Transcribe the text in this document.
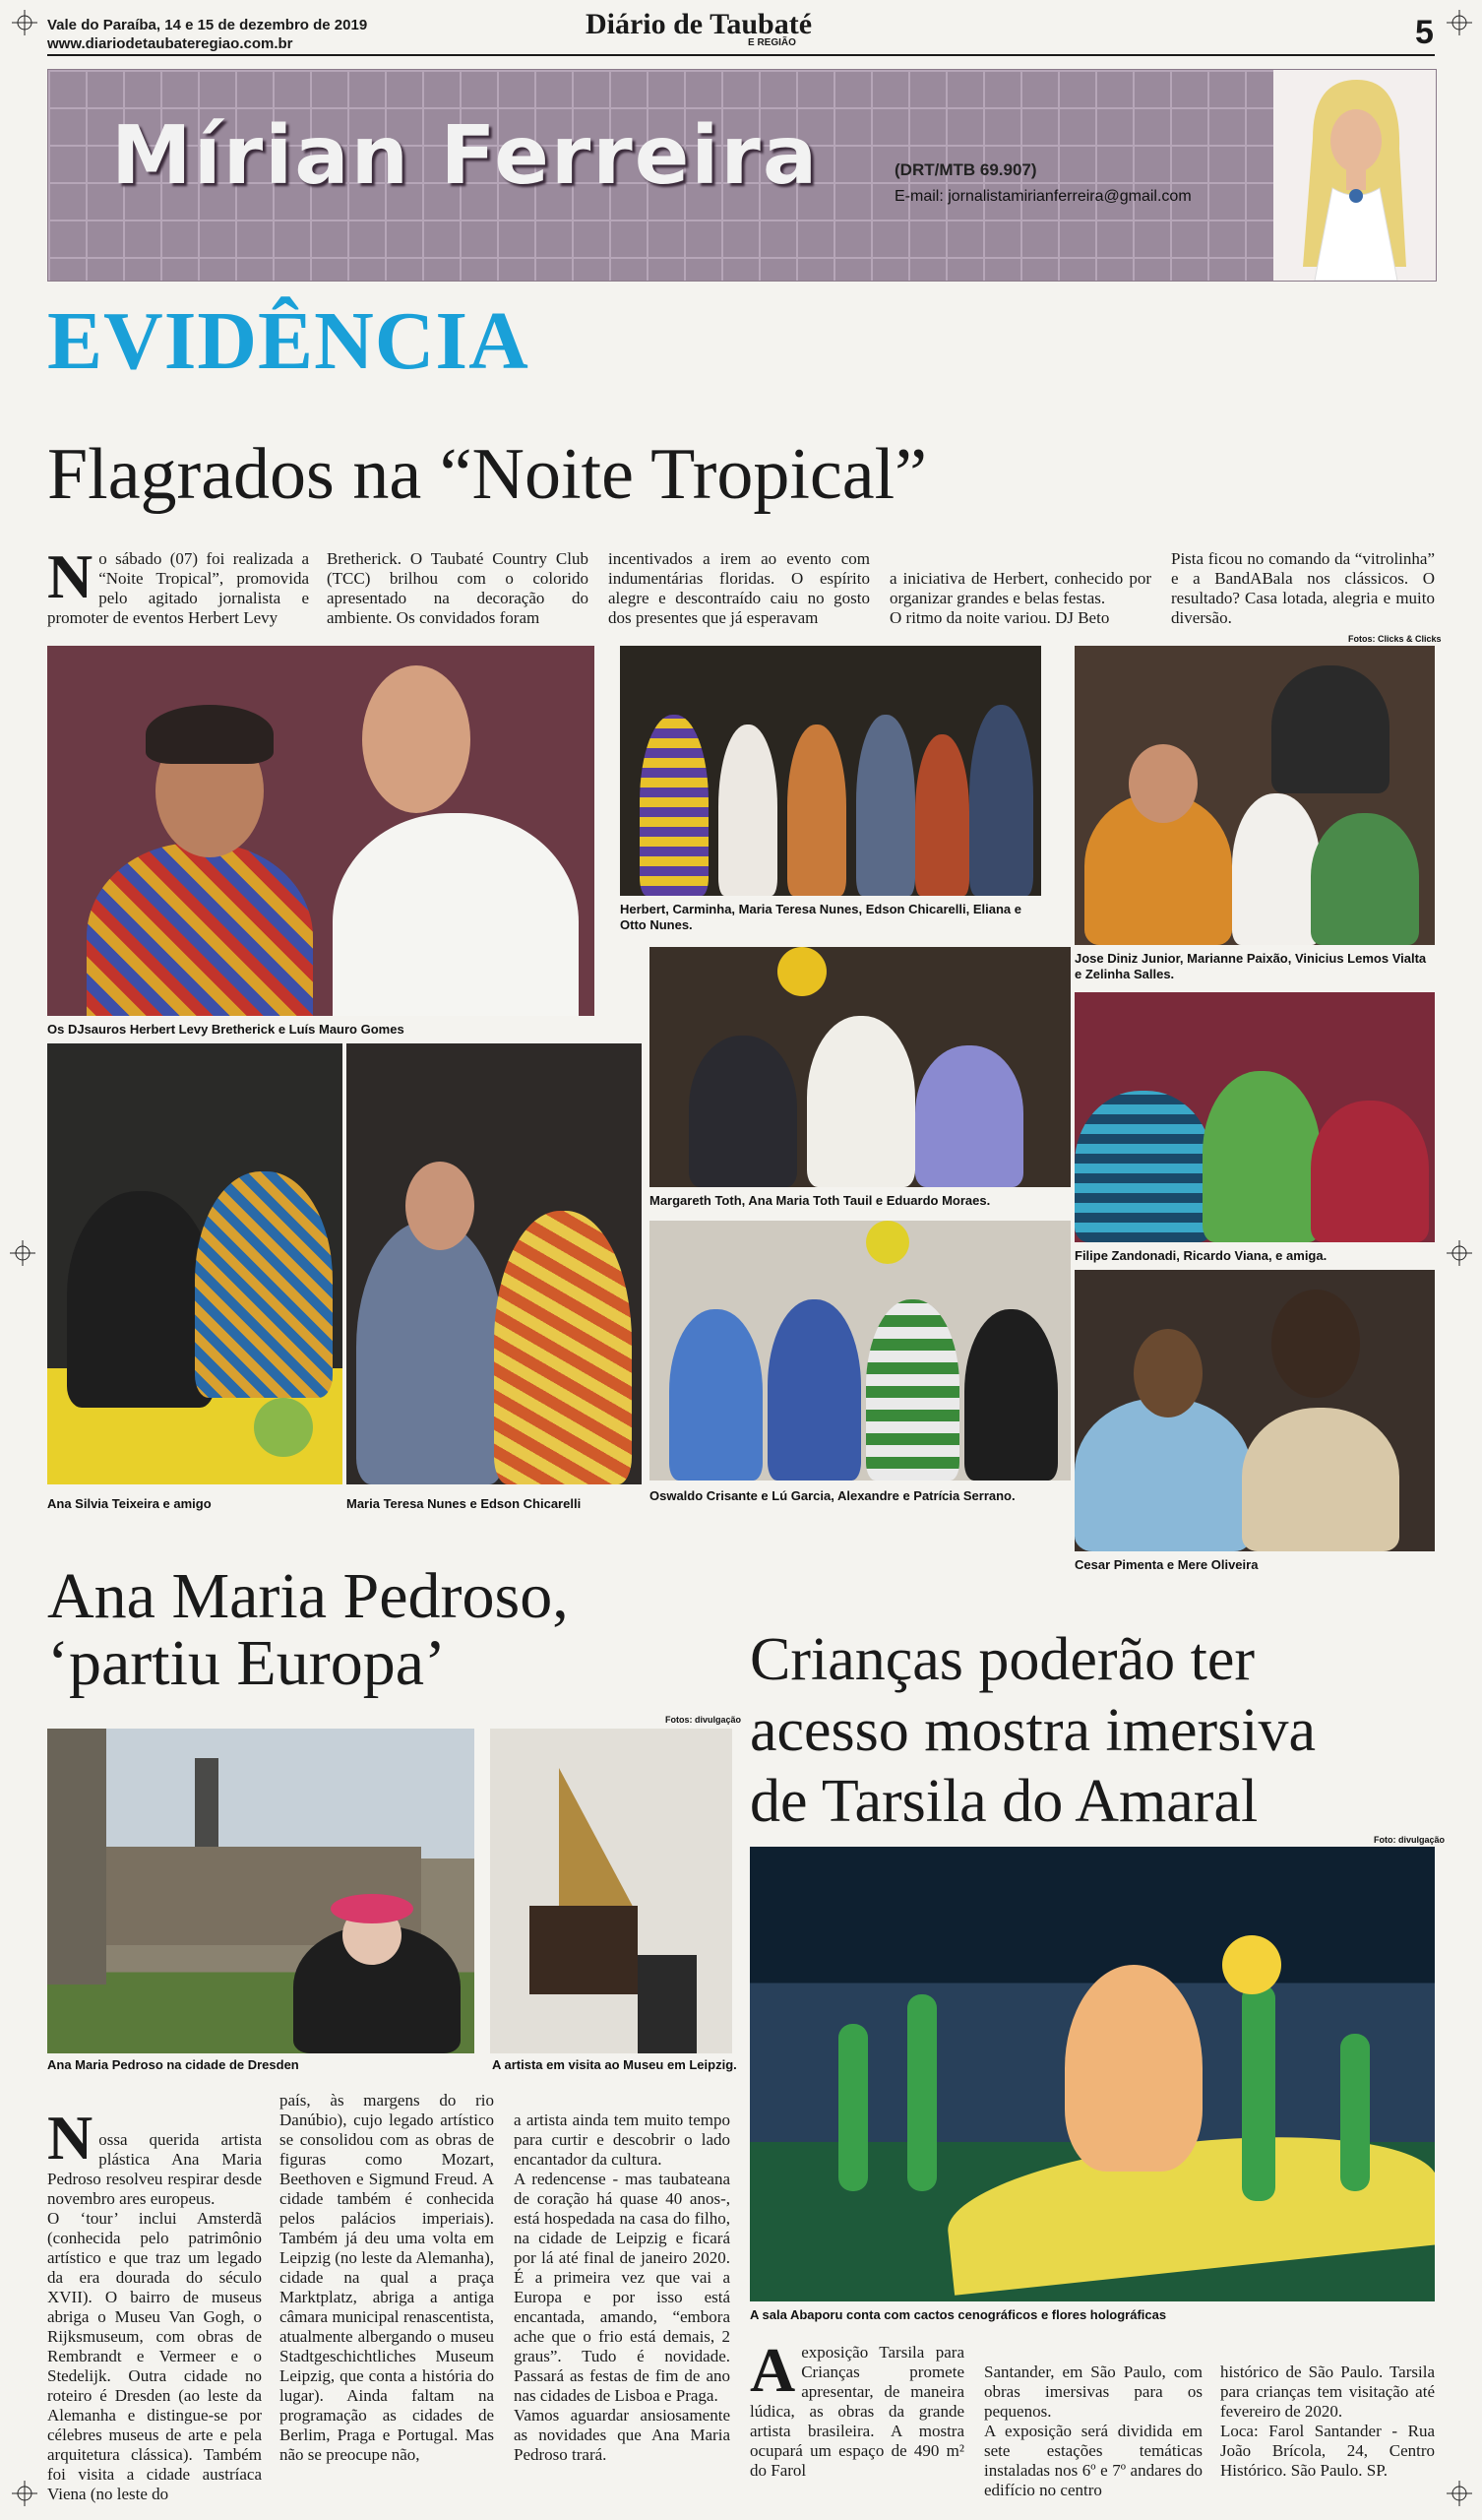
Vale do Paraíba, 14 e 15 de dezembro de 2019
www.diariodetaubateregiao.com.br
Diário de Taubaté
E REGIÃO	5
Mírian Ferreira	(DRT/MTB 69.907)
E-mail: jornalistamirianferreira@gmail.com
EVIDÊNCIA
Flagrados na “Noite Tropical”
N o sábado (07) foi realizada a “Noite Tropical”, promovida pelo agitado jornalista e promoter de eventos Herbert Levy
Bretherick. O Taubaté Country Club (TCC) brilhou com o colorido apresentado na decoração do ambiente. Os convidados foram
incentivados a irem ao evento com indumentárias floridas. O espírito alegre e descontraído caiu no gosto dos presentes que já esperavam

a iniciativa de Herbert, conhecido por organizar grandes e belas festas.
O ritmo da noite variou. DJ Beto

Pista ficou no comando da “vitrolinha” e a BandABala nos clássicos. O resultado? Casa lotada, alegria e muito diversão.
Fotos: Clicks & Clicks
Os DJsauros Herbert Levy Bretherick e Luís Mauro Gomes
Herbert, Carminha, Maria Teresa Nunes, Edson Chicarelli, Eliana e Otto Nunes.
Jose Diniz Junior, Marianne Paixão, Vinicius Lemos Vialta e Zelinha Salles.
Margareth Toth, Ana Maria Toth Tauil e Eduardo Moraes.
Filipe Zandonadi, Ricardo Viana, e amiga.
Ana Silvia Teixeira e amigo	Maria Teresa Nunes e Edson Chicarelli
Oswaldo Crisante e Lú Garcia, Alexandre e Patrícia Serrano.
Cesar Pimenta e Mere Oliveira
Ana Maria Pedroso,
‘partiu Europa’
Fotos: divulgação
Ana Maria Pedroso na cidade de Dresden	A artista em visita ao Museu em Leipzig.

N ossa querida artista plástica Ana Maria Pedroso resolveu respirar desde novembro ares europeus.
O ‘tour’ inclui Amsterdã (conhecida pelo patrimônio artístico e que traz um legado da era dourada do século XVII). O bairro de museus abriga o Museu Van Gogh, o Rijksmuseum, com obras de Rembrandt e Vermeer e o Stedelijk. Outra cidade no roteiro é Dresden (ao leste da Alemanha e distingue-se por célebres museus de arte e pela arquitetura clássica). Também foi visita a cidade austríaca Viena (no leste do

país, às margens do rio Danúbio), cujo legado artístico se consolidou com as obras de figuras como Mozart, Beethoven e Sigmund Freud. A cidade também é conhecida pelos palácios imperiais). Também já deu uma volta em Leipzig (no leste da Alemanha), cidade na qual a praça Marktplatz, abriga a antiga câmara municipal renascentista, atualmente albergando o museu Stadtgeschichtliches Museum Leipzig, que conta a história do lugar). Ainda faltam na programação as cidades de Berlim, Praga e Portugal. Mas não se preocupe não,

a artista ainda tem muito tempo para curtir e descobrir o lado encantador da cultura.
A redencense - mas taubateana de coração há quase 40 anos-, está hospedada na casa do filho, na cidade de Leipzig e ficará por lá até final de janeiro 2020. É a primeira vez que vai a Europa e por isso está encantada, amando, “embora ache que o frio está demais, 2 graus”. Tudo é novidade. Passará as festas de fim de ano nas cidades de Lisboa e Praga.
Vamos aguardar ansiosamente as novidades que Ana Maria Pedroso trará.

Crianças poderão ter
acesso mostra imersiva
de Tarsila do Amaral
Foto: divulgação
A sala Abaporu conta com cactos cenográficos e flores holográficas
A exposição Tarsila para Crianças promete apresentar, de maneira lúdica, as obras da grande artista brasileira. A mostra ocupará um espaço de 490 m² do Farol

Santander, em São Paulo, com obras imersivas para os pequenos.
A exposição será dividida em sete estações temáticas instaladas nos 6º e 7º andares do edifício no centro

histórico de São Paulo. Tarsila para crianças tem visitação até fevereiro de 2020.
Loca: Farol Santander - Rua João Brícola, 24, Centro Histórico. São Paulo. SP.
